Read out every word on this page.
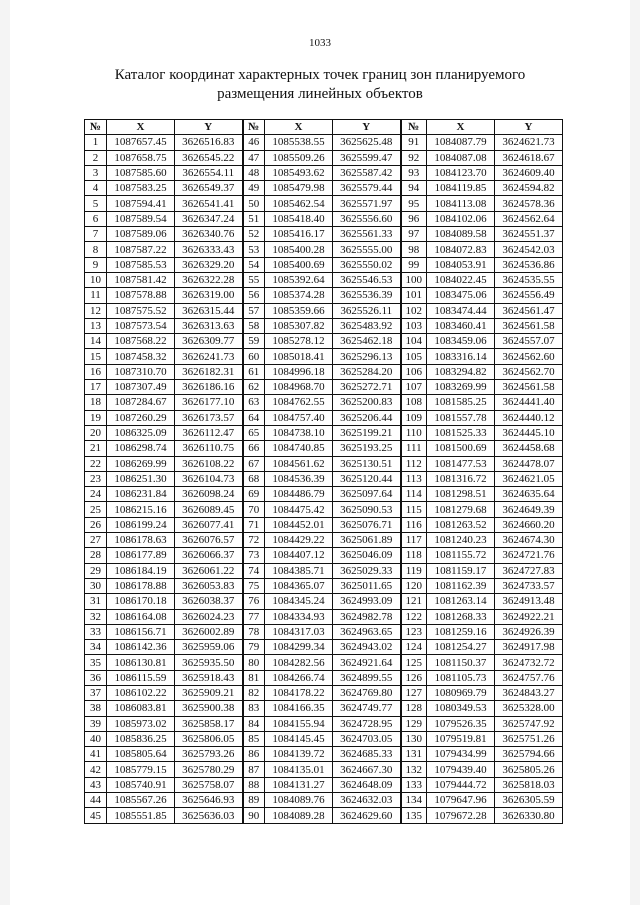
1033
Каталог координат характерных точек границ зон планируемого
размещения линейных объектов
№	X	Y	№	X	Y	№	X	Y
1	1087657.45	3626516.83	46	1085538.55	3625625.48	91	1084087.79	3624621.73
2	1087658.75	3626545.22	47	1085509.26	3625599.47	92	1084087.08	3624618.67
3	1087585.60	3626554.11	48	1085493.62	3625587.42	93	1084123.70	3624609.40
4	1087583.25	3626549.37	49	1085479.98	3625579.44	94	1084119.85	3624594.82
5	1087594.41	3626541.41	50	1085462.54	3625571.97	95	1084113.08	3624578.36
6	1087589.54	3626347.24	51	1085418.40	3625556.60	96	1084102.06	3624562.64
7	1087589.06	3626340.76	52	1085416.17	3625561.33	97	1084089.58	3624551.37
8	1087587.22	3626333.43	53	1085400.28	3625555.00	98	1084072.83	3624542.03
9	1087585.53	3626329.20	54	1085400.69	3625550.02	99	1084053.91	3624536.86
10	1087581.42	3626322.28	55	1085392.64	3625546.53	100	1084022.45	3624535.55
11	1087578.88	3626319.00	56	1085374.28	3625536.39	101	1083475.06	3624556.49
12	1087575.52	3626315.44	57	1085359.66	3625526.11	102	1083474.44	3624561.47
13	1087573.54	3626313.63	58	1085307.82	3625483.92	103	1083460.41	3624561.58
14	1087568.22	3626309.77	59	1085278.12	3625462.18	104	1083459.06	3624557.07
15	1087458.32	3626241.73	60	1085018.41	3625296.13	105	1083316.14	3624562.60
16	1087310.70	3626182.31	61	1084996.18	3625284.20	106	1083294.82	3624562.70
17	1087307.49	3626186.16	62	1084968.70	3625272.71	107	1083269.99	3624561.58
18	1087284.67	3626177.10	63	1084762.55	3625200.83	108	1081585.25	3624441.40
19	1087260.29	3626173.57	64	1084757.40	3625206.44	109	1081557.78	3624440.12
20	1086325.09	3626112.47	65	1084738.10	3625199.21	110	1081525.33	3624445.10
21	1086298.74	3626110.75	66	1084740.85	3625193.25	111	1081500.69	3624458.68
22	1086269.99	3626108.22	67	1084561.62	3625130.51	112	1081477.53	3624478.07
23	1086251.30	3626104.73	68	1084536.39	3625120.44	113	1081316.72	3624621.05
24	1086231.84	3626098.24	69	1084486.79	3625097.64	114	1081298.51	3624635.64
25	1086215.16	3626089.45	70	1084475.42	3625090.53	115	1081279.68	3624649.39
26	1086199.24	3626077.41	71	1084452.01	3625076.71	116	1081263.52	3624660.20
27	1086178.63	3626076.57	72	1084429.22	3625061.89	117	1081240.23	3624674.30
28	1086177.89	3626066.37	73	1084407.12	3625046.09	118	1081155.72	3624721.76
29	1086184.19	3626061.22	74	1084385.71	3625029.33	119	1081159.17	3624727.83
30	1086178.88	3626053.83	75	1084365.07	3625011.65	120	1081162.39	3624733.57
31	1086170.18	3626038.37	76	1084345.24	3624993.09	121	1081263.14	3624913.48
32	1086164.08	3626024.23	77	1084334.93	3624982.78	122	1081268.33	3624922.21
33	1086156.71	3626002.89	78	1084317.03	3624963.65	123	1081259.16	3624926.39
34	1086142.36	3625959.06	79	1084299.34	3624943.02	124	1081254.27	3624917.98
35	1086130.81	3625935.50	80	1084282.56	3624921.64	125	1081150.37	3624732.72
36	1086115.59	3625918.43	81	1084266.74	3624899.55	126	1081105.73	3624757.76
37	1086102.22	3625909.21	82	1084178.22	3624769.80	127	1080969.79	3624843.27
38	1086083.81	3625900.38	83	1084166.35	3624749.77	128	1080349.53	3625328.00
39	1085973.02	3625858.17	84	1084155.94	3624728.95	129	1079526.35	3625747.92
40	1085836.25	3625806.05	85	1084145.45	3624703.05	130	1079519.81	3625751.26
41	1085805.64	3625793.26	86	1084139.72	3624685.33	131	1079434.99	3625794.66
42	1085779.15	3625780.29	87	1084135.01	3624667.30	132	1079439.40	3625805.26
43	1085740.91	3625758.07	88	1084131.27	3624648.09	133	1079444.72	3625818.03
44	1085567.26	3625646.93	89	1084089.76	3624632.03	134	1079647.96	3626305.59
45	1085551.85	3625636.03	90	1084089.28	3624629.60	135	1079672.28	3626330.80
